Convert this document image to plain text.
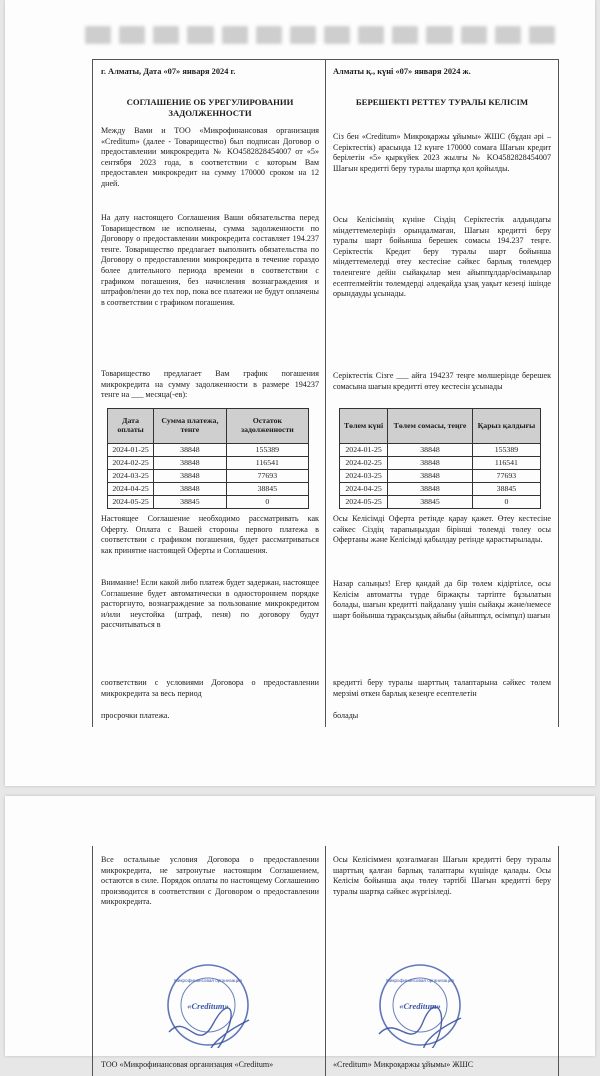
г. Алматы, Дата «07» января 2024 г.
СОГЛАШЕНИЕ ОБ УРЕГУЛИРОВАНИИ ЗАДОЛЖЕННОСТИ
Между Вами и ТОО «Микрофинансовая организация «Creditum» (далее - Товарищество) был подписан Договор о предоставлении микрокредита № KO4582828454007 от «5» сентября 2023 года, в соответствии с которым Вам предоставлен микрокредит на сумму 170000 сроком на 12 дней.
На дату настоящего Соглашения Ваши обязательства перед Товариществом не исполнены, сумма задолженности по Договору о предоставлении микрокредита составляет 194.237 тенге. Товарищество предлагает выполнить обязательства по Договору о предоставлении микрокредита в течение гораздо более длительного периода времени в соответствии с графиком погашения, без начисления вознаграждения и штрафов/пени до тех пор, пока все платежи не будут оплачены в соответствии с графиком погашения.
Товарищество предлагает Вам график погашения микрокредита на сумму задолженности в размере 194237 тенге на ___ месяца(-ев):
Дата оплаты	Сумма платежа, тенге	Остаток задолженности
2024-01-25	38848	155389
2024-02-25	38848	116541
2024-03-25	38848	77693
2024-04-25	38848	38845
2024-05-25	38845	0
Настоящее Соглашение необходимо рассматривать как Оферту. Оплата с Вашей стороны первого платежа в соответствии с графиком погашения, будет рассматриваться как принятие настоящей Оферты и Соглашения.
Внимание! Если какой либо платеж будет задержан, настоящее Соглашение будет автоматически в одностороннем порядке расторгнуто, вознаграждение за пользование микрокредитом и/или неустойка (штраф, пеня) по договору будут рассчитываться в
соответствии с условиями Договора о предоставлении микрокредита за весь период
просрочки платежа.
Алматы қ., күні «07» января 2024 ж.
БЕРЕШЕКТІ РЕТТЕУ ТУРАЛЫ КЕЛІСІМ
Сіз бен «Creditum» Микроқаржы ұйымы» ЖШС (бұдан әрі – Серіктестік) арасында 12 күнге 170000 сомаға Шағын кредит берілетін «5» қыркүйек 2023 жылғы № KO4582828454007 Шағын кредитті беру туралы шартқа қол қойылды.
Осы Келісімнің күніне Сіздің Серіктестік алдындағы міндеттемелеріңіз орындалмаған, Шағын кредитті беру туралы шарт бойынша берешек сомасы 194.237 теңге. Серіктестік Кредит беру туралы шарт бойынша міндеттемелерді өтеу кестесіне сәйкес барлық төлемдер төленгенге дейін сыйақылар мен айыппұлдар/өсімақылар есептелмейтін төлемдерді әлдеқайда ұзақ уақыт кезеңі ішінде орындауды ұсынады.
Серіктестік Сізге ___ айға 194237 теңге мөлшерінде берешек сомасына шағын кредитті өтеу кестесін ұсынады
Төлем күні	Төлем сомасы, теңге	Қарыз қалдығы
2024-01-25	38848	155389
2024-02-25	38848	116541
2024-03-25	38848	77693
2024-04-25	38848	38845
2024-05-25	38845	0
Осы Келісімді Оферта ретінде қарау қажет. Өтеу кестесіне сәйкес Сіздің тарапыңыздан бірінші төлемді төлеу осы Офертаны және Келісімді қабылдау ретінде қарастырылады.
Назар салыңыз! Егер қандай да бір төлем кідіртілсе, осы Келісім автоматты түрде біржақты тәртіпте бұзылатын болады, шағын кредитті пайдалану үшін сыйақы және/немесе шарт бойынша тұрақсыздық айыбы (айыппұл, өсімпұл) шағын
кредитті беру туралы шарттың талаптарына сәйкес төлем мерзімі өткен барлық кезеңге есептелетін
болады
Все остальные условия Договора о предоставлении микрокредита, не затронутые настоящим Соглашением, остаются в силе. Порядок оплаты по настоящему Соглашению производится в соответствии с Договором о предоставлении микрокредита.
Микрофинансовая организация
«Creditum»
ТОО «Микрофинансовая организация «Creditum»
Осы Келісіммен қозғалмаған Шағын кредитті беру туралы шарттың қалған барлық талаптары күшінде қалады. Осы Келісім бойынша ақы төлеу тәртібі Шағын кредитті беру туралы шартқа сәйкес жүргізіледі.
Микрофинансовая организация
«Creditum»
«Creditum» Микроқаржы ұйымы» ЖШС
